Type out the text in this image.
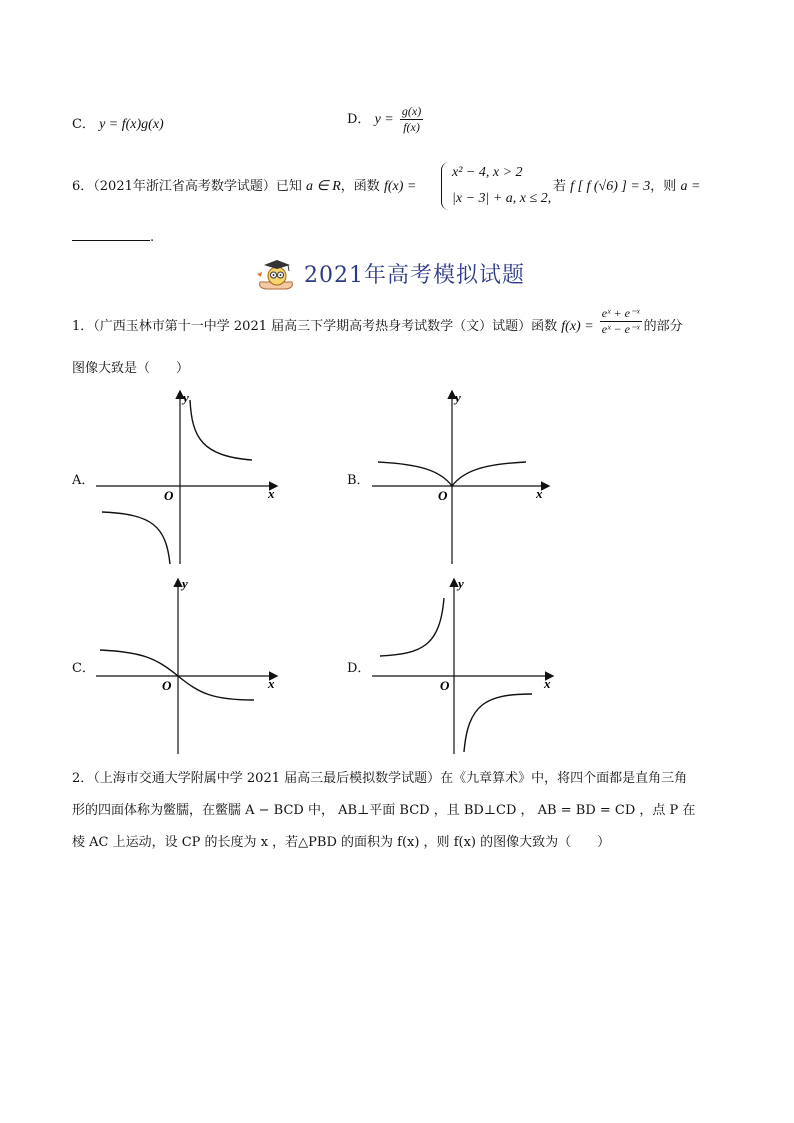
C． y = f(x)g(x)	D． $y = \frac{g(x)}{f(x)}$
6．（2021年浙江省高考数学试题）已知 a ∈ R，函数 f(x) =
x² − 4, x > 2
|x − 3| + a, x ≤ 2,
若 f [ f (√6) ] = 3，则 a =
.
2021年高考模拟试题
1．（广西玉林市第十一中学 2021 届高三下学期高考热身考试数学（文）试题）函数 $f(x) = \frac{\text{eˣ + e⁻ˣ}}{\text{eˣ − e⁻ˣ}}$ 的部分
图像大致是（　　）
A．
x
y
O
B．
x
y
O
C．
x
y
O
D．
x
y
O
2．（上海市交通大学附属中学 2021 届高三最后模拟数学试题）在《九章算术》中，将四个面都是直角三角
形的四面体称为鳖臑，在鳖臑 A − BCD 中， AB⊥平面 BCD ，且 BD⊥CD ， AB = BD = CD ，点 P 在
棱 AC 上运动，设 CP 的长度为 x ，若△PBD 的面积为 f(x) ，则 f(x) 的图像大致为（　　）
